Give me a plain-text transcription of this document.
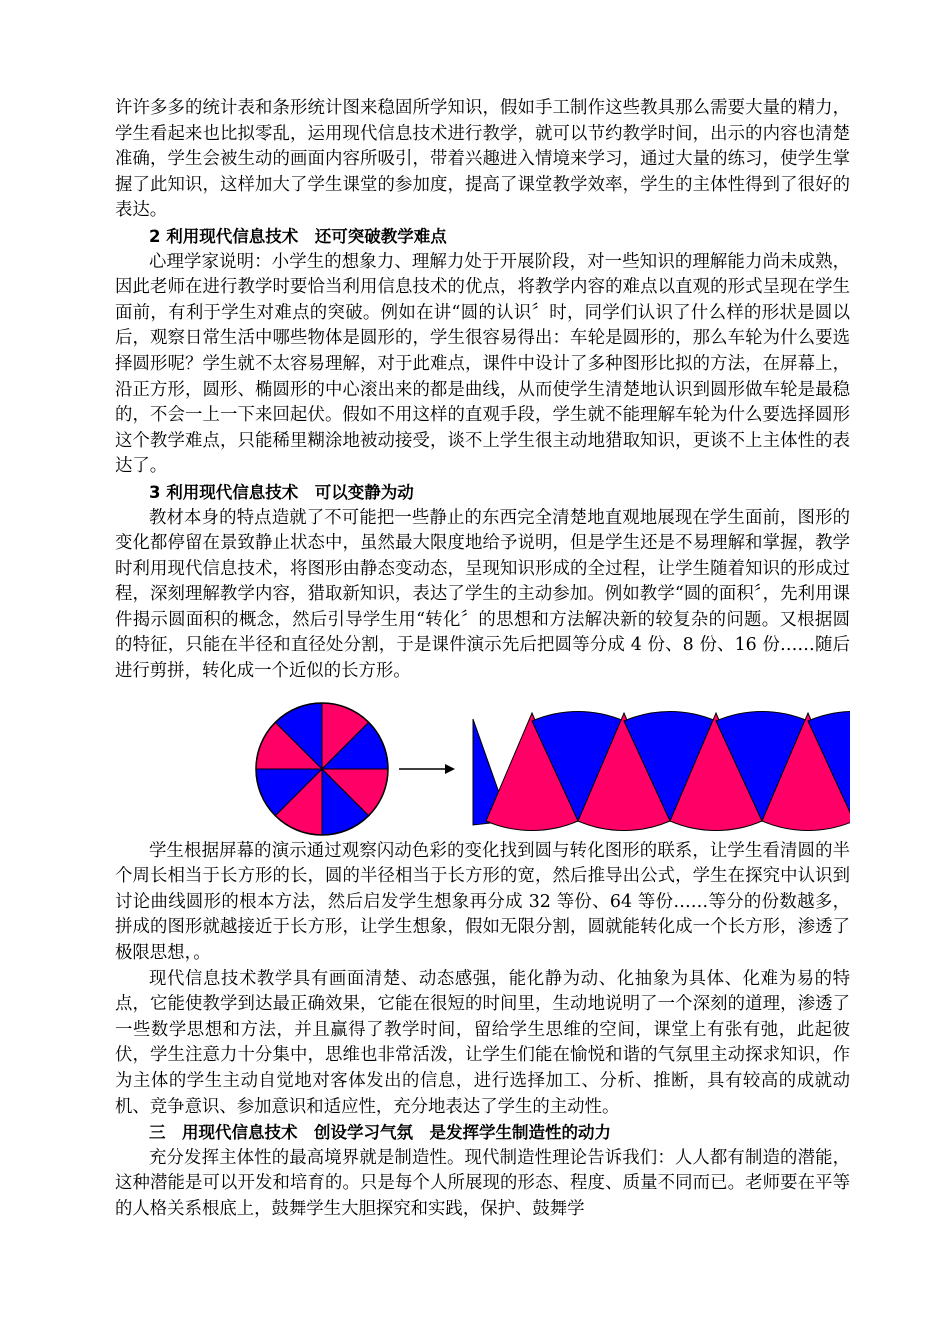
许许多多的统计表和条形统计图来稳固所学知识，假如手工制作这些教具那么需要大量的精力，学生看起来也比拟零乱，运用现代信息技术进行教学，就可以节约教学时间，出示的内容也清楚准确，学生会被生动的画面内容所吸引，带着兴趣进入情境来学习，通过大量的练习，使学生掌握了此知识，这样加大了学生课堂的参加度，提高了课堂教学效率，学生的主体性得到了很好的表达。

2 利用现代信息技术　还可突破教学难点

心理学家说明：小学生的想象力、理解力处于开展阶段，对一些知识的理解能力尚未成熟，因此老师在进行教学时要恰当利用信息技术的优点，将教学内容的难点以直观的形式呈现在学生面前，有利于学生对难点的突破。例如在讲“圆的认识〞时，同学们认识了什么样的形状是圆以后，观察日常生活中哪些物体是圆形的，学生很容易得出：车轮是圆形的，那么车轮为什么要选择圆形呢？学生就不太容易理解，对于此难点，课件中设计了多种图形比拟的方法，在屏幕上，沿正方形，圆形、椭圆形的中心滚出来的都是曲线，从而使学生清楚地认识到圆形做车轮是最稳的，不会一上一下来回起伏。假如不用这样的直观手段，学生就不能理解车轮为什么要选择圆形这个教学难点，只能稀里糊涂地被动接受，谈不上学生很主动地猎取知识，更谈不上主体性的表达了。

3 利用现代信息技术　可以变静为动

教材本身的特点造就了不可能把一些静止的东西完全清楚地直观地展现在学生面前，图形的变化都停留在景致静止状态中，虽然最大限度地给予说明，但是学生还是不易理解和掌握，教学时利用现代信息技术，将图形由静态变动态，呈现知识形成的全过程，让学生随着知识的形成过程，深刻理解教学内容，猎取新知识，表达了学生的主动参加。例如教学“圆的面积〞，先利用课件揭示圆面积的概念，然后引导学生用“转化〞的思想和方法解决新的较复杂的问题。又根据圆的特征，只能在半径和直径处分割，于是课件演示先后把圆等分成 4 份、8 份、16 份……随后进行剪拼，转化成一个近似的长方形。

学生根据屏幕的演示通过观察闪动色彩的变化找到圆与转化图形的联系，让学生看清圆的半个周长相当于长方形的长，圆的半径相当于长方形的宽，然后推导出公式，学生在探究中认识到讨论曲线圆形的根本方法，然后启发学生想象再分成 32 等份、64 等份……等分的份数越多，拼成的图形就越接近于长方形，让学生想象，假如无限分割，圆就能转化成一个长方形，渗透了极限思想，。

现代信息技术教学具有画面清楚、动态感强，能化静为动、化抽象为具体、化难为易的特点，它能使教学到达最正确效果，它能在很短的时间里，生动地说明了一个深刻的道理，渗透了一些数学思想和方法，并且赢得了教学时间，留给学生思维的空间，课堂上有张有弛，此起彼伏，学生注意力十分集中，思维也非常活泼，让学生们能在愉悦和谐的气氛里主动探求知识，作为主体的学生主动自觉地对客体发出的信息，进行选择加工、分析、推断，具有较高的成就动机、竞争意识、参加意识和适应性，充分地表达了学生的主动性。

三　用现代信息技术　创设学习气氛　是发挥学生制造性的动力

充分发挥主体性的最高境界就是制造性。现代制造性理论告诉我们：人人都有制造的潜能，这种潜能是可以开发和培育的。只是每个人所展现的形态、程度、质量不同而已。老师要在平等的人格关系根底上，鼓舞学生大胆探究和实践，保护、鼓舞学
